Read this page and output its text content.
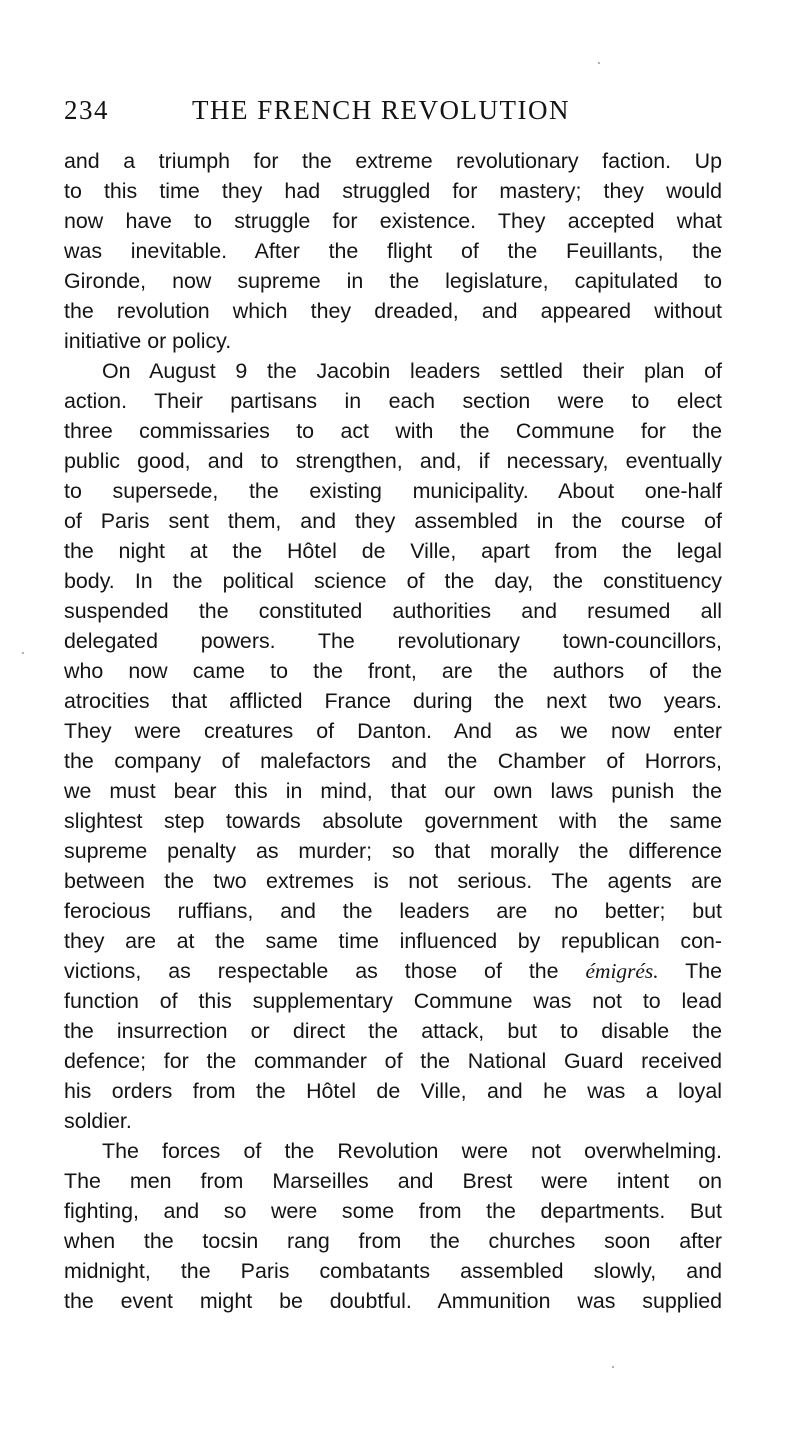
234	THE FRENCH REVOLUTION
and a triumph for the extreme revolutionary faction. Up
to this time they had struggled for mastery; they would
now have to struggle for existence. They accepted what
was inevitable. After the flight of the Feuillants, the
Gironde, now supreme in the legislature, capitulated to
the revolution which they dreaded, and appeared without
initiative or policy.
On August 9 the Jacobin leaders settled their plan of
action. Their partisans in each section were to elect
three commissaries to act with the Commune for the
public good, and to strengthen, and, if necessary, eventually
to supersede, the existing municipality. About one-half
of Paris sent them, and they assembled in the course of
the night at the Hôtel de Ville, apart from the legal
body. In the political science of the day, the constituency
suspended the constituted authorities and resumed all
delegated powers. The revolutionary town-councillors,
who now came to the front, are the authors of the
atrocities that afflicted France during the next two years.
They were creatures of Danton. And as we now enter
the company of malefactors and the Chamber of Horrors,
we must bear this in mind, that our own laws punish the
slightest step towards absolute government with the same
supreme penalty as murder; so that morally the difference
between the two extremes is not serious. The agents are
ferocious ruffians, and the leaders are no better; but
they are at the same time influenced by republican con-
victions, as respectable as those of the émigrés. The
function of this supplementary Commune was not to lead
the insurrection or direct the attack, but to disable the
defence; for the commander of the National Guard received
his orders from the Hôtel de Ville, and he was a loyal
soldier.
The forces of the Revolution were not overwhelming.
The men from Marseilles and Brest were intent on
fighting, and so were some from the departments. But
when the tocsin rang from the churches soon after
midnight, the Paris combatants assembled slowly, and
the event might be doubtful. Ammunition was supplied
